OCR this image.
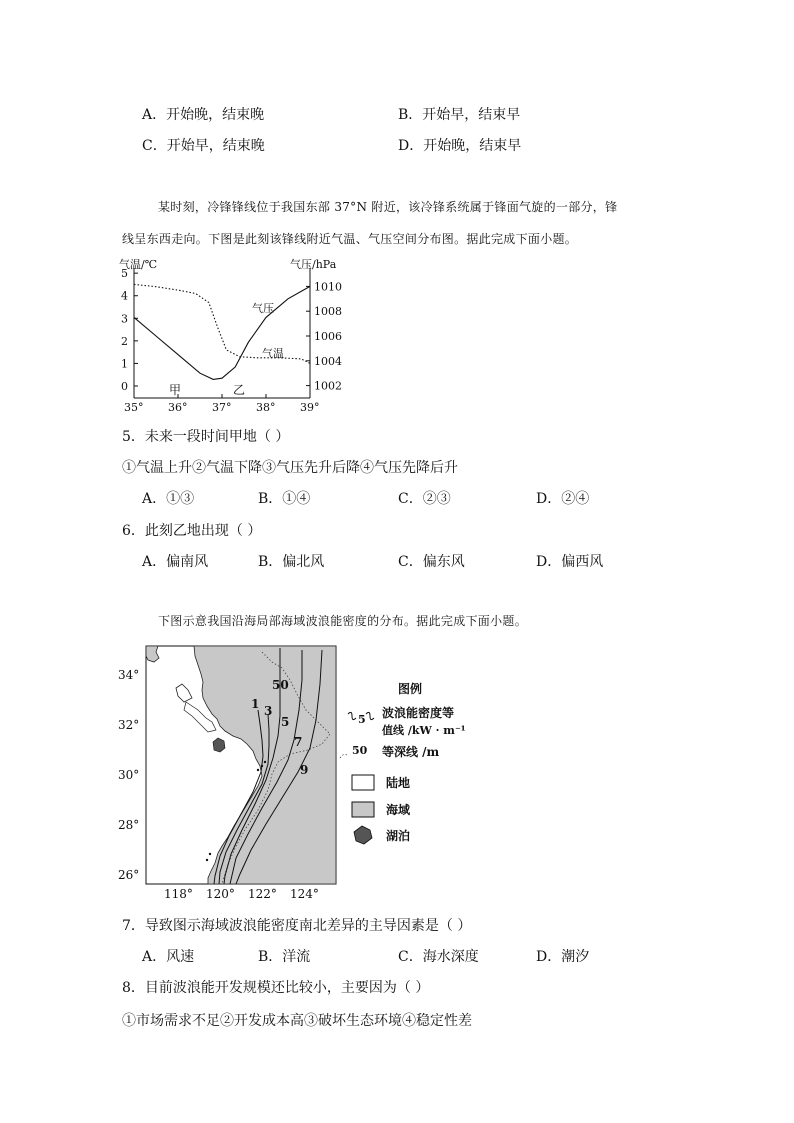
A．开始晚，结束晚	B．开始早，结束早
C．开始早，结束晚	D．开始晚，结束早
某时刻，冷锋锋线位于我国东部 37°N 附近，该冷锋系统属于锋面气旋的一部分，锋
线呈东西走向。下图是此刻该锋线附近气温、气压空间分布图。据此完成下面小题。
气温/℃	气压/hPa
35° 36° 37° 38° 39°
0
1
2
3
4
5
1002
1004
1006
1008
1010
气压
气温
甲	乙
5．未来一段时间甲地（ ）
①气温上升②气温下降③气压先升后降④气压先降后升
A．①③	B．①④	C．②③	D．②④
6．此刻乙地出现（ ）
A．偏南风	B．偏北风	C．偏东风	D．偏西风
下图示意我国沿海局部海域波浪能密度的分布。据此完成下面小题。
1 3
5
7
9
50
34°
32°
30°
28°
26°
118° 120° 122° 124°
图例
5 波浪能密度等
值线 /kW · m⁻¹
50 等深线 /m
陆地
海域
湖泊
7．导致图示海域波浪能密度南北差异的主导因素是（ ）
A．风速	B．洋流	C．海水深度	D．潮汐
8．目前波浪能开发规模还比较小，主要因为（ ）
①市场需求不足②开发成本高③破坏生态环境④稳定性差
